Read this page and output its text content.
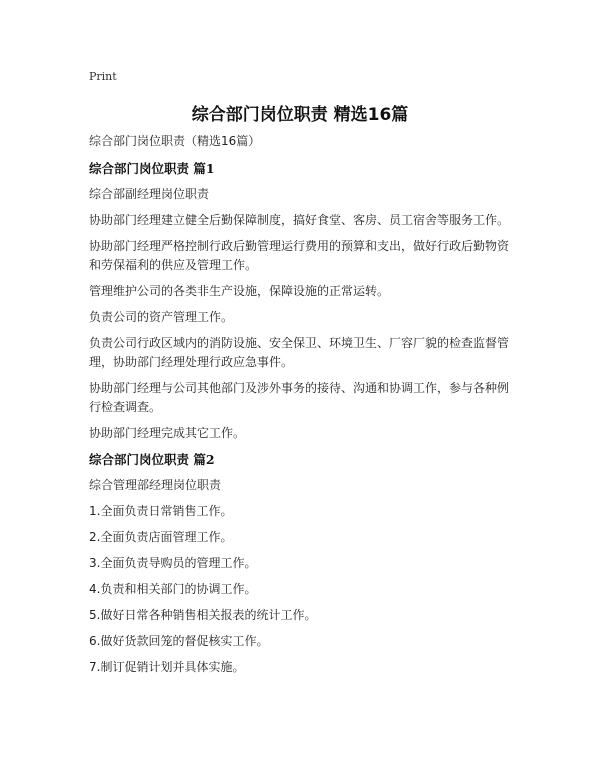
Print
综合部门岗位职责 精选16篇

综合部门岗位职责（精选16篇）

综合部门岗位职责 篇1

综合部副经理岗位职责

协助部门经理建立健全后勤保障制度，搞好食堂、客房、员工宿舍等服务工作。

协助部门经理严格控制行政后勤管理运行费用的预算和支出，做好行政后勤物资和劳保福利的供应及管理工作。

管理维护公司的各类非生产设施，保障设施的正常运转。

负责公司的资产管理工作。

负责公司行政区域内的消防设施、安全保卫、环境卫生、厂容厂貌的检查监督管理，协助部门经理处理行政应急事件。

协助部门经理与公司其他部门及涉外事务的接待、沟通和协调工作，参与各种例行检查调查。

协助部门经理完成其它工作。

综合部门岗位职责 篇2

综合管理部经理岗位职责

1.全面负责日常销售工作。

2.全面负责店面管理工作。

3.全面负责导购员的管理工作。

4.负责和相关部门的协调工作。

5.做好日常各种销售相关报表的统计工作。

6.做好货款回笼的督促核实工作。

7.制订促销计划并具体实施。
